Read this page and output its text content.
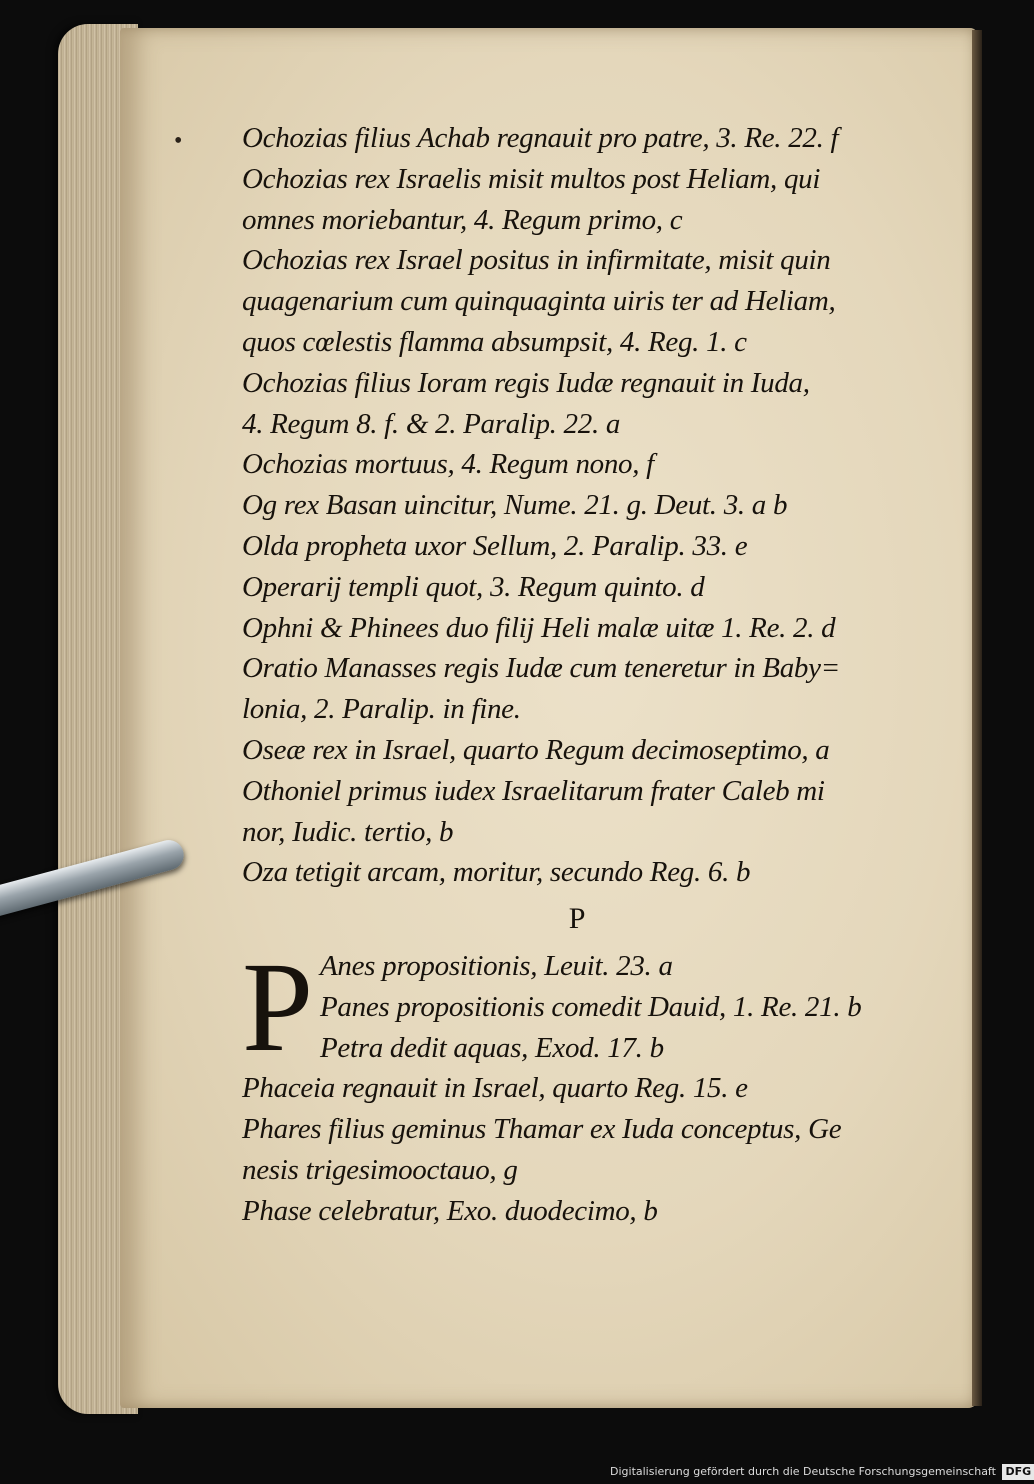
• Ochozias filius Achab regnauit pro patre, 3. Re. 22. f
Ochozias rex Israelis misit multos post Heliam, qui
omnes moriebantur, 4. Regum primo, c
Ochozias rex Israel positus in infirmitate, misit quin
quagenarium cum quinquaginta uiris ter ad Heliam,
quos cœlestis flamma absumpsit, 4. Reg. 1. c
Ochozias filius Ioram regis Iudæ regnauit in Iuda,
4. Regum 8. f. & 2. Paralip. 22. a
Ochozias mortuus, 4. Regum nono, f
Og rex Basan uincitur, Nume. 21. g. Deut. 3. a b
Olda propheta uxor Sellum, 2. Paralip. 33. e
Operarij templi quot, 3. Regum quinto. d
Ophni & Phinees duo filij Heli malæ uitæ 1. Re. 2. d
Oratio Manasses regis Iudæ cum teneretur in Baby=
lonia, 2. Paralip. in fine.
Oseæ rex in Israel, quarto Regum decimoseptimo, a
Othoniel primus iudex Israelitarum frater Caleb mi
nor, Iudic. tertio, b
Oza tetigit arcam, moritur, secundo Reg. 6. b
P
P Anes propositionis, Leuit. 23. a
Panes propositionis comedit Dauid, 1. Re. 21. b
Petra dedit aquas, Exod. 17. b
Phaceia regnauit in Israel, quarto Reg. 15. e
Phares filius geminus Thamar ex Iuda conceptus, Ge
nesis trigesimooctauo, g
Phase celebratur, Exo. duodecimo, b
Digitalisierung gefördert durch die Deutsche Forschungsgemeinschaft DFG
